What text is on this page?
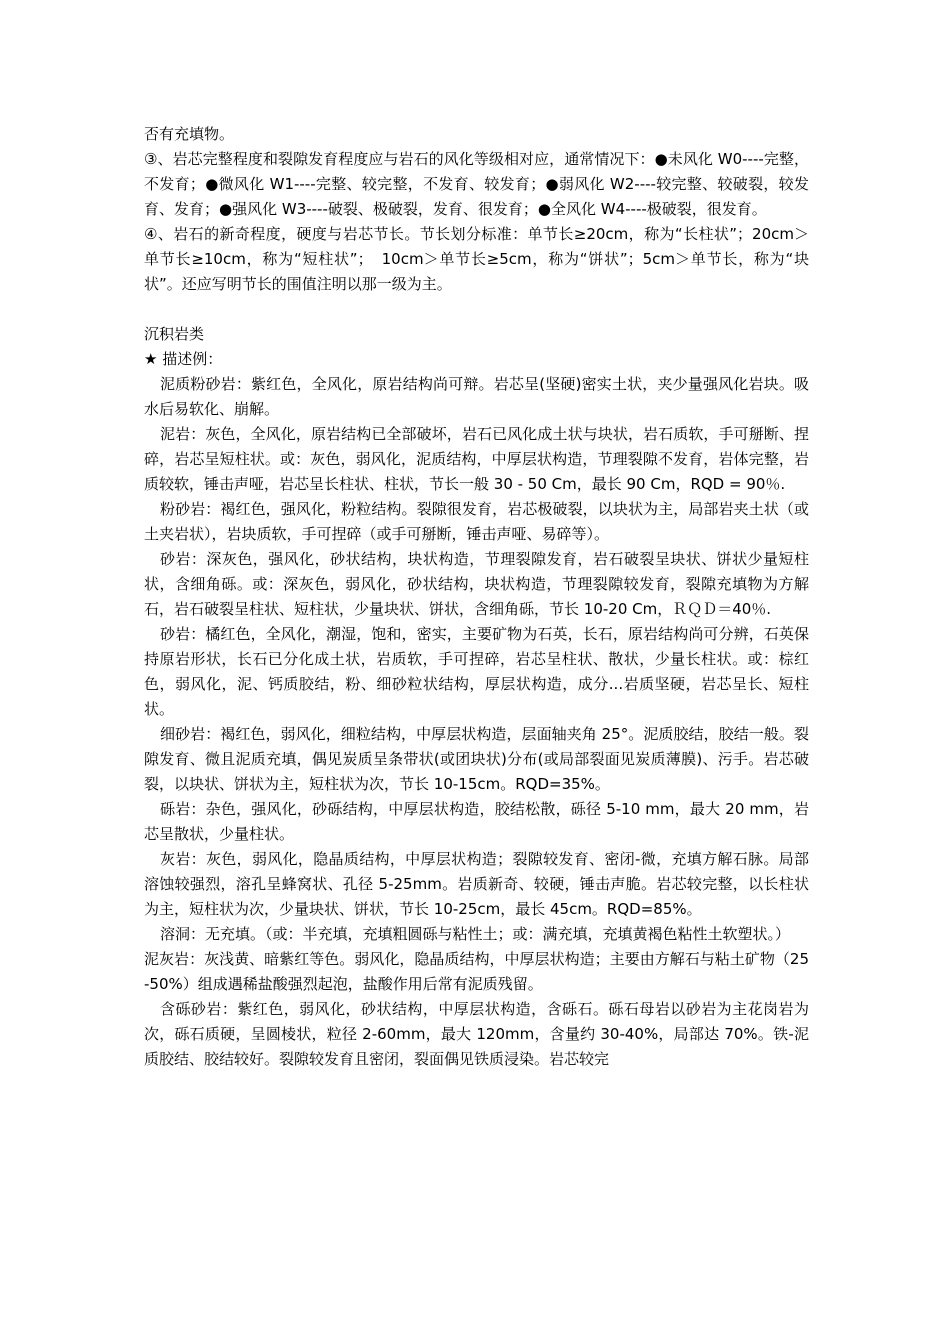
否有充填物。

③、岩芯完整程度和裂隙发育程度应与岩石的风化等级相对应，通常情况下：●未风化 W0----完整，不发育；●微风化 W1----完整、较完整，不发育、较发育；●弱风化 W2----较完整、较破裂，较发育、发育；●强风化 W3----破裂、极破裂，发育、很发育；●全风化 W4----极破裂，很发育。

④、岩石的新奇程度，硬度与岩芯节长。节长划分标准：单节长≥20cm，称为“长柱状”；20cm＞单节长≥10cm，称为“短柱状”；　10cm＞单节长≥5cm，称为“饼状”；5cm＞单节长，称为“块状”。还应写明节长的围值注明以那一级为主。

沉积岩类

★ 描述例：

泥质粉砂岩：紫红色，全风化，原岩结构尚可辩。岩芯呈(坚硬)密实土状，夹少量强风化岩块。吸水后易软化、崩解。

泥岩：灰色，全风化，原岩结构已全部破坏，岩石已风化成土状与块状，岩石质软，手可掰断、捏碎，岩芯呈短柱状。或：灰色，弱风化，泥质结构，中厚层状构造，节理裂隙不发育，岩体完整，岩质较软，锤击声哑，岩芯呈长柱状、柱状，节长一般 30 - 50 Cm，最长 90 Cm，RQD = 90％.

粉砂岩：褐红色，强风化，粉粒结构。裂隙很发育，岩芯极破裂，以块状为主，局部岩夹土状（或土夹岩状），岩块质软，手可捏碎（或手可掰断，锤击声哑、易碎等）。

砂岩：深灰色，强风化，砂状结构，块状构造，节理裂隙发育，岩石破裂呈块状、饼状少量短柱状，含细角砾。或：深灰色，弱风化，砂状结构，块状构造，节理裂隙较发育，裂隙充填物为方解石，岩石破裂呈柱状、短柱状，少量块状、饼状，含细角砾，节长 10-20 Cm，ＲＱＤ＝40％.

砂岩：橘红色，全风化，潮湿，饱和，密实，主要矿物为石英，长石，原岩结构尚可分辨，石英保持原岩形状，长石已分化成土状，岩质软，手可捏碎，岩芯呈柱状、散状，少量长柱状。或：棕红色，弱风化，泥、钙质胶结，粉、细砂粒状结构，厚层状构造，成分...岩质坚硬，岩芯呈长、短柱状。

细砂岩：褐红色，弱风化，细粒结构，中厚层状构造，层面轴夹角 25°。泥质胶结，胶结一般。裂隙发育、微且泥质充填，偶见炭质呈条带状(或团块状)分布(或局部裂面见炭质薄膜)、污手。岩芯破裂，以块状、饼状为主，短柱状为次，节长 10-15cm。RQD=35%。

砾岩：杂色，强风化，砂砾结构，中厚层状构造，胶结松散，砾径 5-10 mm，最大 20 mm，岩芯呈散状，少量柱状。

灰岩：灰色，弱风化，隐晶质结构，中厚层状构造；裂隙较发育、密闭-微，充填方解石脉。局部溶蚀较强烈，溶孔呈蜂窝状、孔径 5-25mm。岩质新奇、较硬，锤击声脆。岩芯较完整，以长柱状为主，短柱状为次，少量块状、饼状，节长 10-25cm，最长 45cm。RQD=85%。

溶洞：无充填。（或：半充填，充填粗圆砾与粘性土；或：满充填，充填黄褐色粘性土软塑状。）

泥灰岩：灰浅黄、暗紫红等色。弱风化，隐晶质结构，中厚层状构造；主要由方解石与粘土矿物（25-50%）组成遇稀盐酸强烈起泡，盐酸作用后常有泥质残留。

含砾砂岩：紫红色，弱风化，砂状结构，中厚层状构造，含砾石。砾石母岩以砂岩为主花岗岩为次，砾石质硬，呈圆棱状，粒径 2-60mm，最大 120mm，含量约 30-40%，局部达 70%。铁-泥质胶结、胶结较好。裂隙较发育且密闭，裂面偶见铁质浸染。岩芯较完
